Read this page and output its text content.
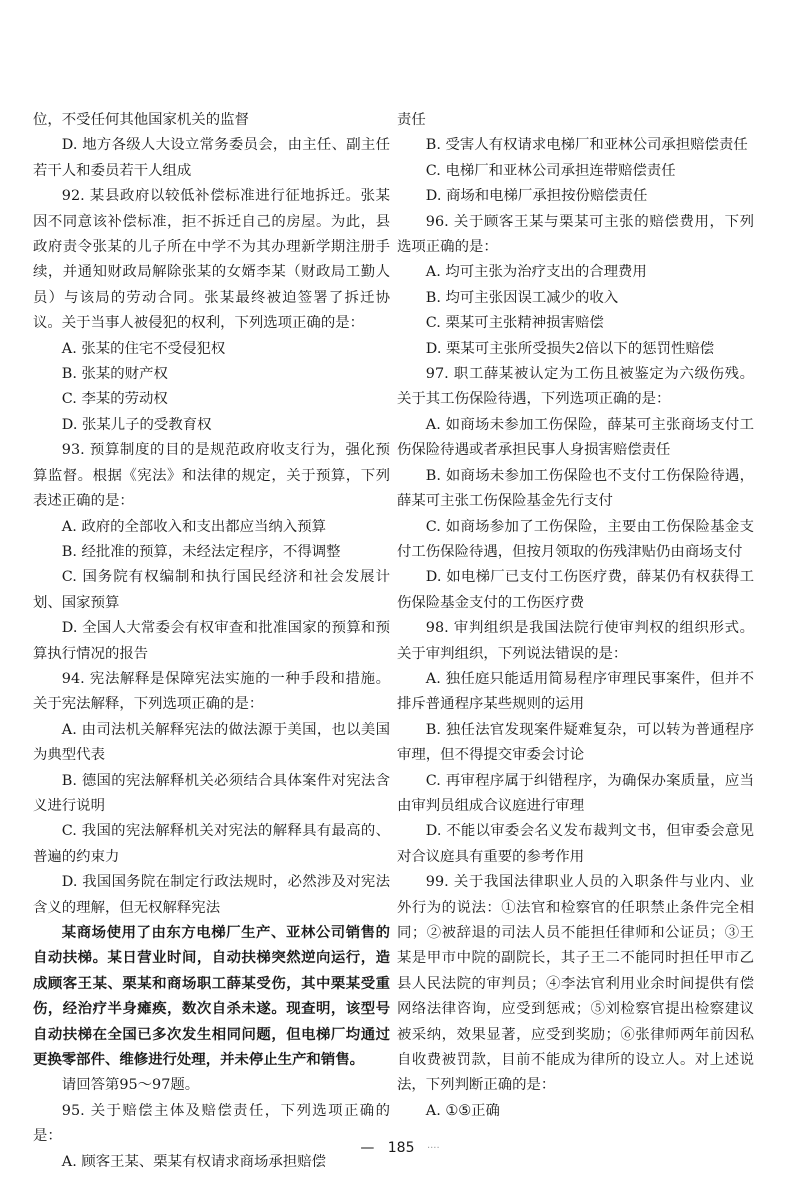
位，不受任何其他国家机关的监督

D. 地方各级人大设立常务委员会，由主任、副主任若干人和委员若干人组成

92. 某县政府以较低补偿标准进行征地拆迁。张某因不同意该补偿标准，拒不拆迁自己的房屋。为此，县政府责令张某的儿子所在中学不为其办理新学期注册手续，并通知财政局解除张某的女婿李某（财政局工勤人员）与该局的劳动合同。张某最终被迫签署了拆迁协议。关于当事人被侵犯的权利，下列选项正确的是：

A. 张某的住宅不受侵犯权

B. 张某的财产权

C. 李某的劳动权

D. 张某儿子的受教育权

93. 预算制度的目的是规范政府收支行为，强化预算监督。根据《宪法》和法律的规定，关于预算，下列表述正确的是：

A. 政府的全部收入和支出都应当纳入预算

B. 经批准的预算，未经法定程序，不得调整

C. 国务院有权编制和执行国民经济和社会发展计划、国家预算

D. 全国人大常委会有权审查和批准国家的预算和预算执行情况的报告

94. 宪法解释是保障宪法实施的一种手段和措施。关于宪法解释，下列选项正确的是：

A. 由司法机关解释宪法的做法源于美国，也以美国为典型代表

B. 德国的宪法解释机关必须结合具体案件对宪法含义进行说明

C. 我国的宪法解释机关对宪法的解释具有最高的、普遍的约束力

D. 我国国务院在制定行政法规时，必然涉及对宪法含义的理解，但无权解释宪法

某商场使用了由东方电梯厂生产、亚林公司销售的自动扶梯。某日营业时间，自动扶梯突然逆向运行，造成顾客王某、栗某和商场职工薛某受伤，其中栗某受重伤，经治疗半身瘫痪，数次自杀未遂。现查明，该型号自动扶梯在全国已多次发生相同问题，但电梯厂均通过更换零部件、维修进行处理，并未停止生产和销售。

请回答第95～97题。

95. 关于赔偿主体及赔偿责任，下列选项正确的是：

A. 顾客王某、栗某有权请求商场承担赔偿

责任

B. 受害人有权请求电梯厂和亚林公司承担赔偿责任

C. 电梯厂和亚林公司承担连带赔偿责任

D. 商场和电梯厂承担按份赔偿责任

96. 关于顾客王某与栗某可主张的赔偿费用，下列选项正确的是：

A. 均可主张为治疗支出的合理费用

B. 均可主张因误工减少的收入

C. 栗某可主张精神损害赔偿

D. 栗某可主张所受损失2倍以下的惩罚性赔偿

97. 职工薛某被认定为工伤且被鉴定为六级伤残。关于其工伤保险待遇，下列选项正确的是：

A. 如商场未参加工伤保险，薛某可主张商场支付工伤保险待遇或者承担民事人身损害赔偿责任

B. 如商场未参加工伤保险也不支付工伤保险待遇，薛某可主张工伤保险基金先行支付

C. 如商场参加了工伤保险，主要由工伤保险基金支付工伤保险待遇，但按月领取的伤残津贴仍由商场支付

D. 如电梯厂已支付工伤医疗费，薛某仍有权获得工伤保险基金支付的工伤医疗费

98. 审判组织是我国法院行使审判权的组织形式。关于审判组织，下列说法错误的是：

A. 独任庭只能适用简易程序审理民事案件，但并不排斥普通程序某些规则的运用

B. 独任法官发现案件疑难复杂，可以转为普通程序审理，但不得提交审委会讨论

C. 再审程序属于纠错程序，为确保办案质量，应当由审判员组成合议庭进行审理

D. 不能以审委会名义发布裁判文书，但审委会意见对合议庭具有重要的参考作用

99. 关于我国法律职业人员的入职条件与业内、业外行为的说法：①法官和检察官的任职禁止条件完全相同；②被辞退的司法人员不能担任律师和公证员；③王某是甲市中院的副院长，其子王二不能同时担任甲市乙县人民法院的审判员；④李法官利用业余时间提供有偿网络法律咨询，应受到惩戒；⑤刘检察官提出检察建议被采纳，效果显著，应受到奖励；⑥张律师两年前因私自收费被罚款，目前不能成为律所的设立人。对上述说法，下列判断正确的是：

A. ①⑤正确

— 185 ····
